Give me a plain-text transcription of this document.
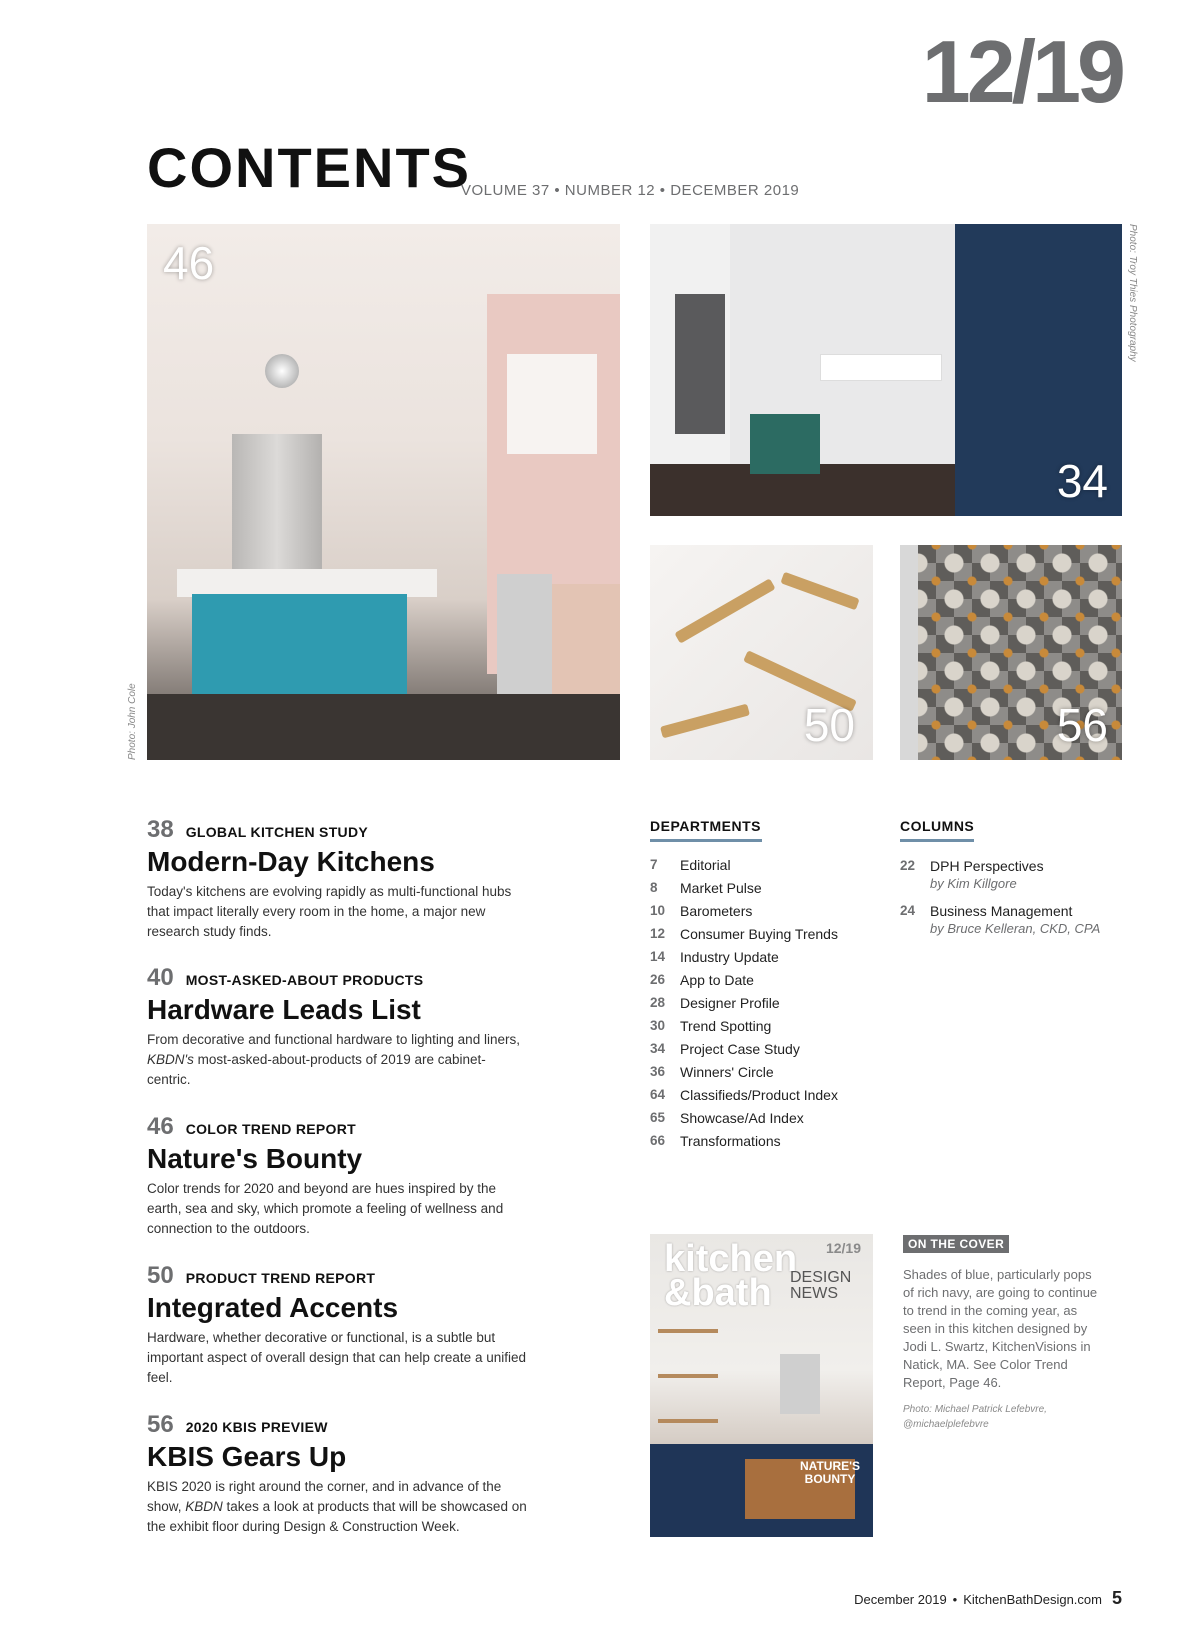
12/19
CONTENTS
VOLUME 37 • NUMBER 12 • DECEMBER 2019
46
Photo: John Cole
34
Photo: Troy Thies Photography
50	56
38 GLOBAL KITCHEN STUDY
Modern-Day Kitchens
Today's kitchens are evolving rapidly as multi-functional hubs that impact literally every room in the home, a major new research study finds.
40 MOST-ASKED-ABOUT PRODUCTS
Hardware Leads List
From decorative and functional hardware to lighting and liners, KBDN's most-asked-about-products of 2019 are cabinet-centric.
46 COLOR TREND REPORT
Nature's Bounty
Color trends for 2020 and beyond are hues inspired by the earth, sea and sky, which promote a feeling of wellness and connection to the outdoors.
50 PRODUCT TREND REPORT
Integrated Accents
Hardware, whether decorative or functional, is a subtle but important aspect of overall design that can help create a unified feel.
56 2020 KBIS PREVIEW
KBIS Gears Up
KBIS 2020 is right around the corner, and in advance of the show, KBDN takes a look at products that will be showcased on the exhibit floor during Design & Construction Week.
DEPARTMENTS
7	Editorial
8	Market Pulse
10	Barometers
12	Consumer Buying Trends
14	Industry Update
26	App to Date
28	Designer Profile
30	Trend Spotting
34	Project Case Study
36	Winners' Circle
64	Classifieds/Product Index
65	Showcase/Ad Index
66	Transformations
COLUMNS
22	DPH Perspectives
by Kim Killgore
24	Business Management
by Bruce Kelleran, CKD, CPA
kitchen
&bath DESIGN
NEWS
12/19
NATURE'S BOUNTY
ON THE COVER
Shades of blue, particularly pops of rich navy, are going to continue to trend in the coming year, as seen in this kitchen designed by Jodi L. Swartz, KitchenVisions in Natick, MA. See Color Trend Report, Page 46.
Photo: Michael Patrick Lefebvre, @michaelplefebvre
December 2019 • KitchenBathDesign.com 5
